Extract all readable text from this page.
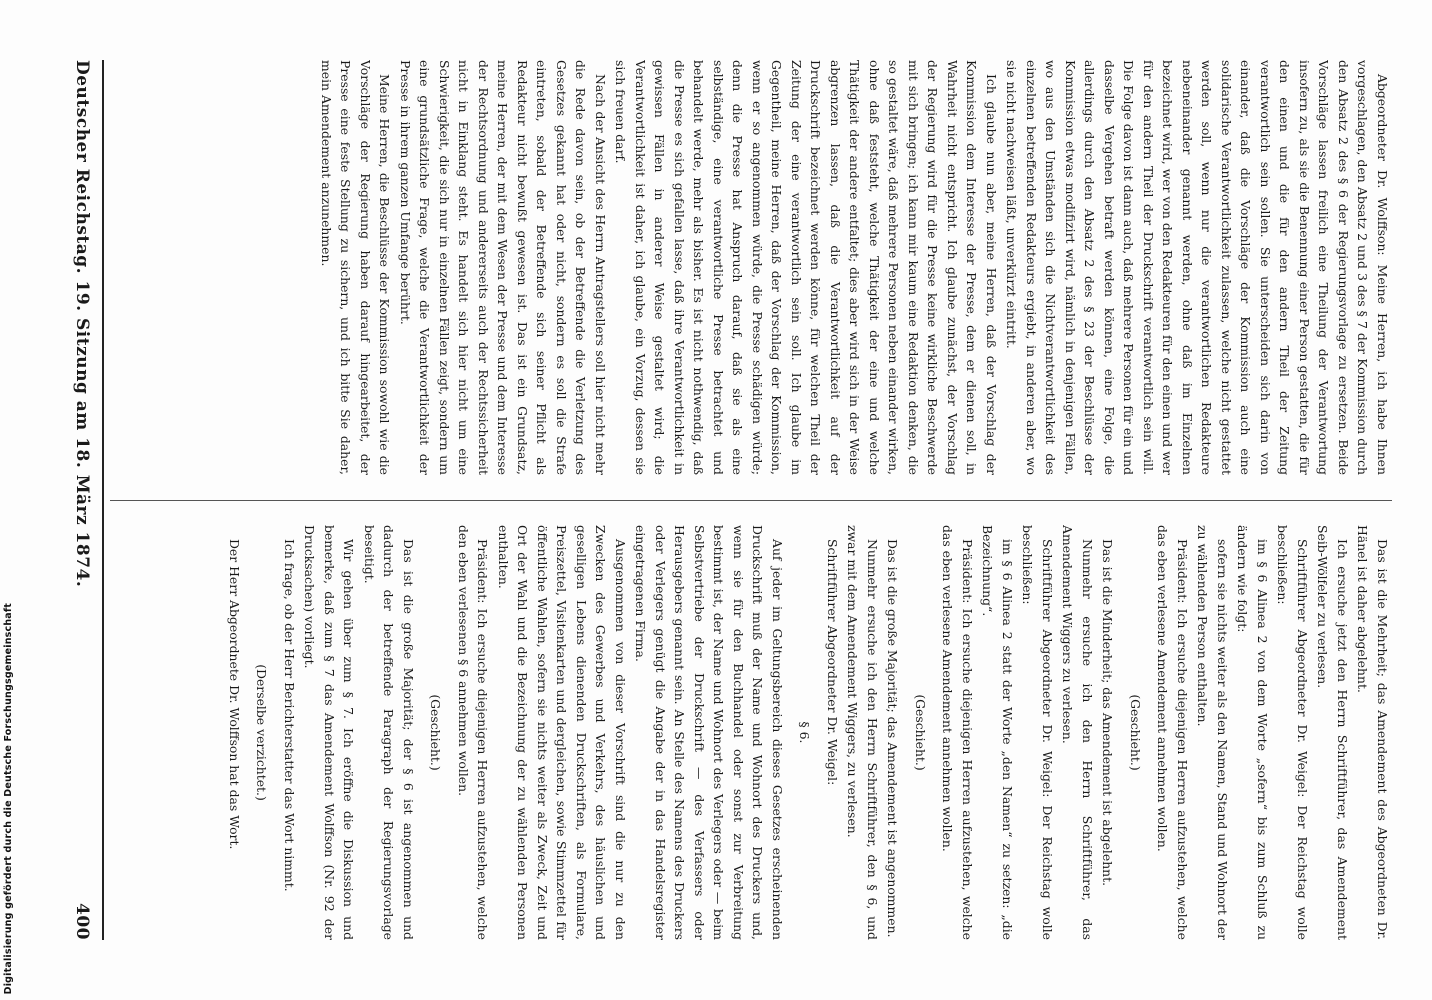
Abgeordneter Dr. Wolffson: Meine Herren, ich habe Ihnen vorgeschlagen, den Absatz 2 und 3 des § 7 der Kommission durch den Absatz 2 des § 6 der Regierungsvorlage zu ersetzen. Beide Vorschläge lassen freilich eine Theilung der Verantwortung insofern zu, als sie die Benennung einer Person gestatten, die für den einen und die für den andern Theil der Zeitung verantwortlich sein sollen. Sie unterscheiden sich darin von einander, daß die Vorschläge der Kommission auch eine solidarische Verantwortlichkeit zulassen, welche nicht gestattet werden soll, wenn nur die verantwortlichen Redakteure nebeneinander genannt werden, ohne daß im Einzelnen bezeichnet wird, wer von den Redakteuren für den einen und wer für den andern Theil der Druckschrift verantwortlich sein will. Die Folge davon ist dann auch, daß mehrere Personen für ein und dasselbe Vergehen betraft werden können, eine Folge, die allerdings durch den Absatz 2 des § 23 der Beschlüsse der Kommission etwas modiﬁzirt wird, nämlich in denjenigen Fällen, wo aus den Umständen sich die Nichtverantwortlichkeit des einzelnen betreffenden Redakteurs ergiebt, in anderen aber, wo sie nicht nachweisen läßt, unverkürzt eintritt.

Ich glaube nun aber, meine Herren, daß der Vorschlag der Kommission dem Interesse der Presse, dem er dienen soll, in Wahrheit nicht entspricht. Ich glaube zunächst, der Vorschlag der Regierung wird für die Presse keine wirkliche Beschwerde mit sich bringen; ich kann mir kaum eine Redaktion denken, die so gestaltet wäre, daß mehrere Personen neben einander wirken, ohne daß feststeht, welche Thätigkeit der eine und welche Thätigkeit der andere entfaltet; dies aber wird sich in der Weise abgrenzen lassen, daß die Verantwortlichkeit auf der Druckschrift bezeichnet werden könne, für welchen Theil der Zeitung der eine verantwortlich sein soll. Ich glaube im Gegentheil, meine Herren, daß der Vorschlag der Kommission, wenn er so angenommen würde, die Presse schädigen würde; denn die Presse hat Anspruch darauf, daß sie als eine selbständige, eine verantwortliche Presse betrachtet und behandelt werde, mehr als bisher. Es ist nicht nothwendig, daß die Presse es sich gefallen lasse, daß ihre Verantwortlichkeit in gewissen Fällen in anderer Weise gestaltet wird; die Verantwortlichkeit ist daher, ich glaube, ein Vorzug, dessen sie sich freuen darf.

Nach der Ansicht des Herrn Antragstellers soll hier nicht mehr die Rede davon sein, ob der Betreffende die Verletzung des Gesetzes gekannt hat oder nicht, sondern es soll die Strafe eintreten, sobald der Betreffende sich seiner Pflicht als Redakteur nicht bewußt gewesen ist. Das ist ein Grundsatz, meine Herren, der mit dem Wesen der Presse und dem Interesse der Rechtsordnung und andererseits auch der Rechtssicherheit nicht in Einklang steht. Es handelt sich hier nicht um eine Schwierigkeit, die sich nur in einzelnen Fällen zeigt, sondern um eine grundsätzliche Frage, welche die Verantwortlichkeit der Presse in ihrem ganzen Umfange berührt.

Meine Herren, die Beschlüsse der Kommission sowohl wie die Vorschläge der Regierung haben darauf hingearbeitet, der Presse eine feste Stellung zu sichern, und ich bitte Sie daher, mein Amendement anzunehmen.

Das ist die Mehrheit; das Amendement des Abgeordneten Dr. Hänel ist daher abgelehnt.

Ich ersuche jetzt den Herrn Schriftführer, das Amendement Seib-Wölfeler zu verlesen.

Schriftführer Abgeordneter Dr. Weigel: Der Reichstag wolle beschließen:

im § 6 Alinea 2 von dem Worte „sofern“ bis zum Schluß zu ändern wie folgt:

sofern sie nichts weiter als den Namen, Stand und Wohnort der zu wählenden Person enthalten.

Präsident: Ich ersuche diejenigen Herren aufzustehen, welche das eben verlesene Amendement annehmen wollen.

(Geschieht.)

Das ist die Minderheit; das Amendement ist abgelehnt.

Nunmehr ersuche ich den Herrn Schriftführer, das Amendement Wiggers zu verlesen.

Schriftführer Abgeordneter Dr. Weigel: Der Reichstag wolle beschließen:

im § 6 Alinea 2 statt der Worte „den Namen“ zu setzen: „die Bezeichnung“.

Präsident: Ich ersuche diejenigen Herren aufzustehen, welche das eben verlesene Amendement annehmen wollen.

(Geschieht.)

Das ist die große Majorität; das Amendement ist angenommen.

Nunmehr ersuche ich den Herrn Schriftführer, den § 6, und zwar mit dem Amendement Wiggers, zu verlesen.

Schriftführer Abgeordneter Dr. Weigel:

§ 6.

Auf jeder im Geltungsbereich dieses Gesetzes erscheinenden Druckschrift muß der Name und Wohnort des Druckers und, wenn sie für den Buchhandel oder sonst zur Verbreitung bestimmt ist, der Name und Wohnort des Verlegers oder — beim Selbstvertriebe der Druckschrift — des Verfassers oder Herausgebers genannt sein. An Stelle des Namens des Druckers oder Verlegers genügt die Angabe der in das Handelsregister eingetragenen Firma.

Ausgenommen von dieser Vorschrift sind die nur zu den Zwecken des Gewerbes und Verkehrs, des häuslichen und geselligen Lebens dienenden Druckschriften, als Formulare, Preiszettel, Visitenkarten und dergleichen, sowie Stimmzettel für öffentliche Wahlen, sofern sie nichts weiter als Zweck, Zeit und Ort der Wahl und die Bezeichnung der zu wählenden Personen enthalten.

Präsident: Ich ersuche diejenigen Herren aufzustehen, welche den eben verlesenen § 6 annehmen wollen.

(Geschieht.)

Das ist die große Majorität; der § 6 ist angenommen und dadurch der betreffende Paragraph der Regierungsvorlage beseitigt.

Wir gehen über zum § 7. Ich eröffne die Diskussion und bemerke, daß zum § 7 das Amendement Wolffson (Nr. 92 der Drucksachen) vorliegt.

Ich frage, ob der Herr Berichterstatter das Wort nimmt.

(Derselbe verzichtet.)

Der Herr Abgeordnete Dr. Wolffson hat das Wort.

Deutscher Reichstag. 19. Sitzung am 18. März 1874.
400
Digitalisierung gefördert durch die Deutsche Forschungsgemeinschaft
